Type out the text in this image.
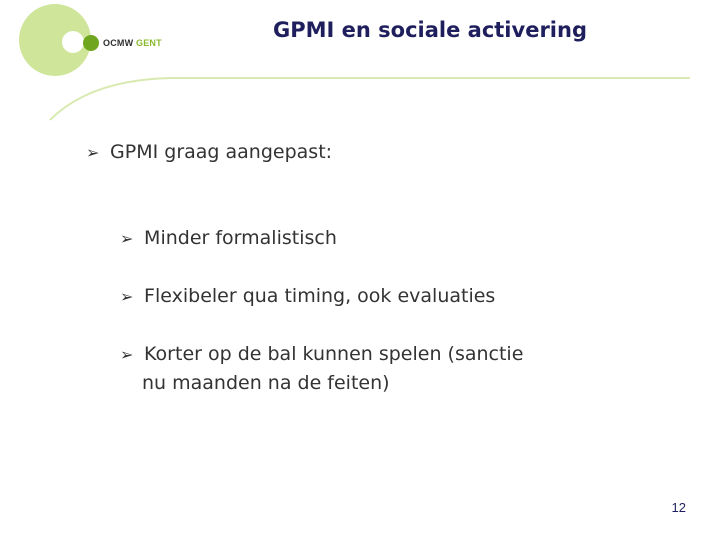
OCMW GENT
GPMI en sociale activering
➢ GPMI graag aangepast:
➢ Minder formalistisch
➢ Flexibeler qua timing, ook evaluaties
➢ Korter op de bal kunnen spelen (sanctie
nu maanden na de feiten)
12
